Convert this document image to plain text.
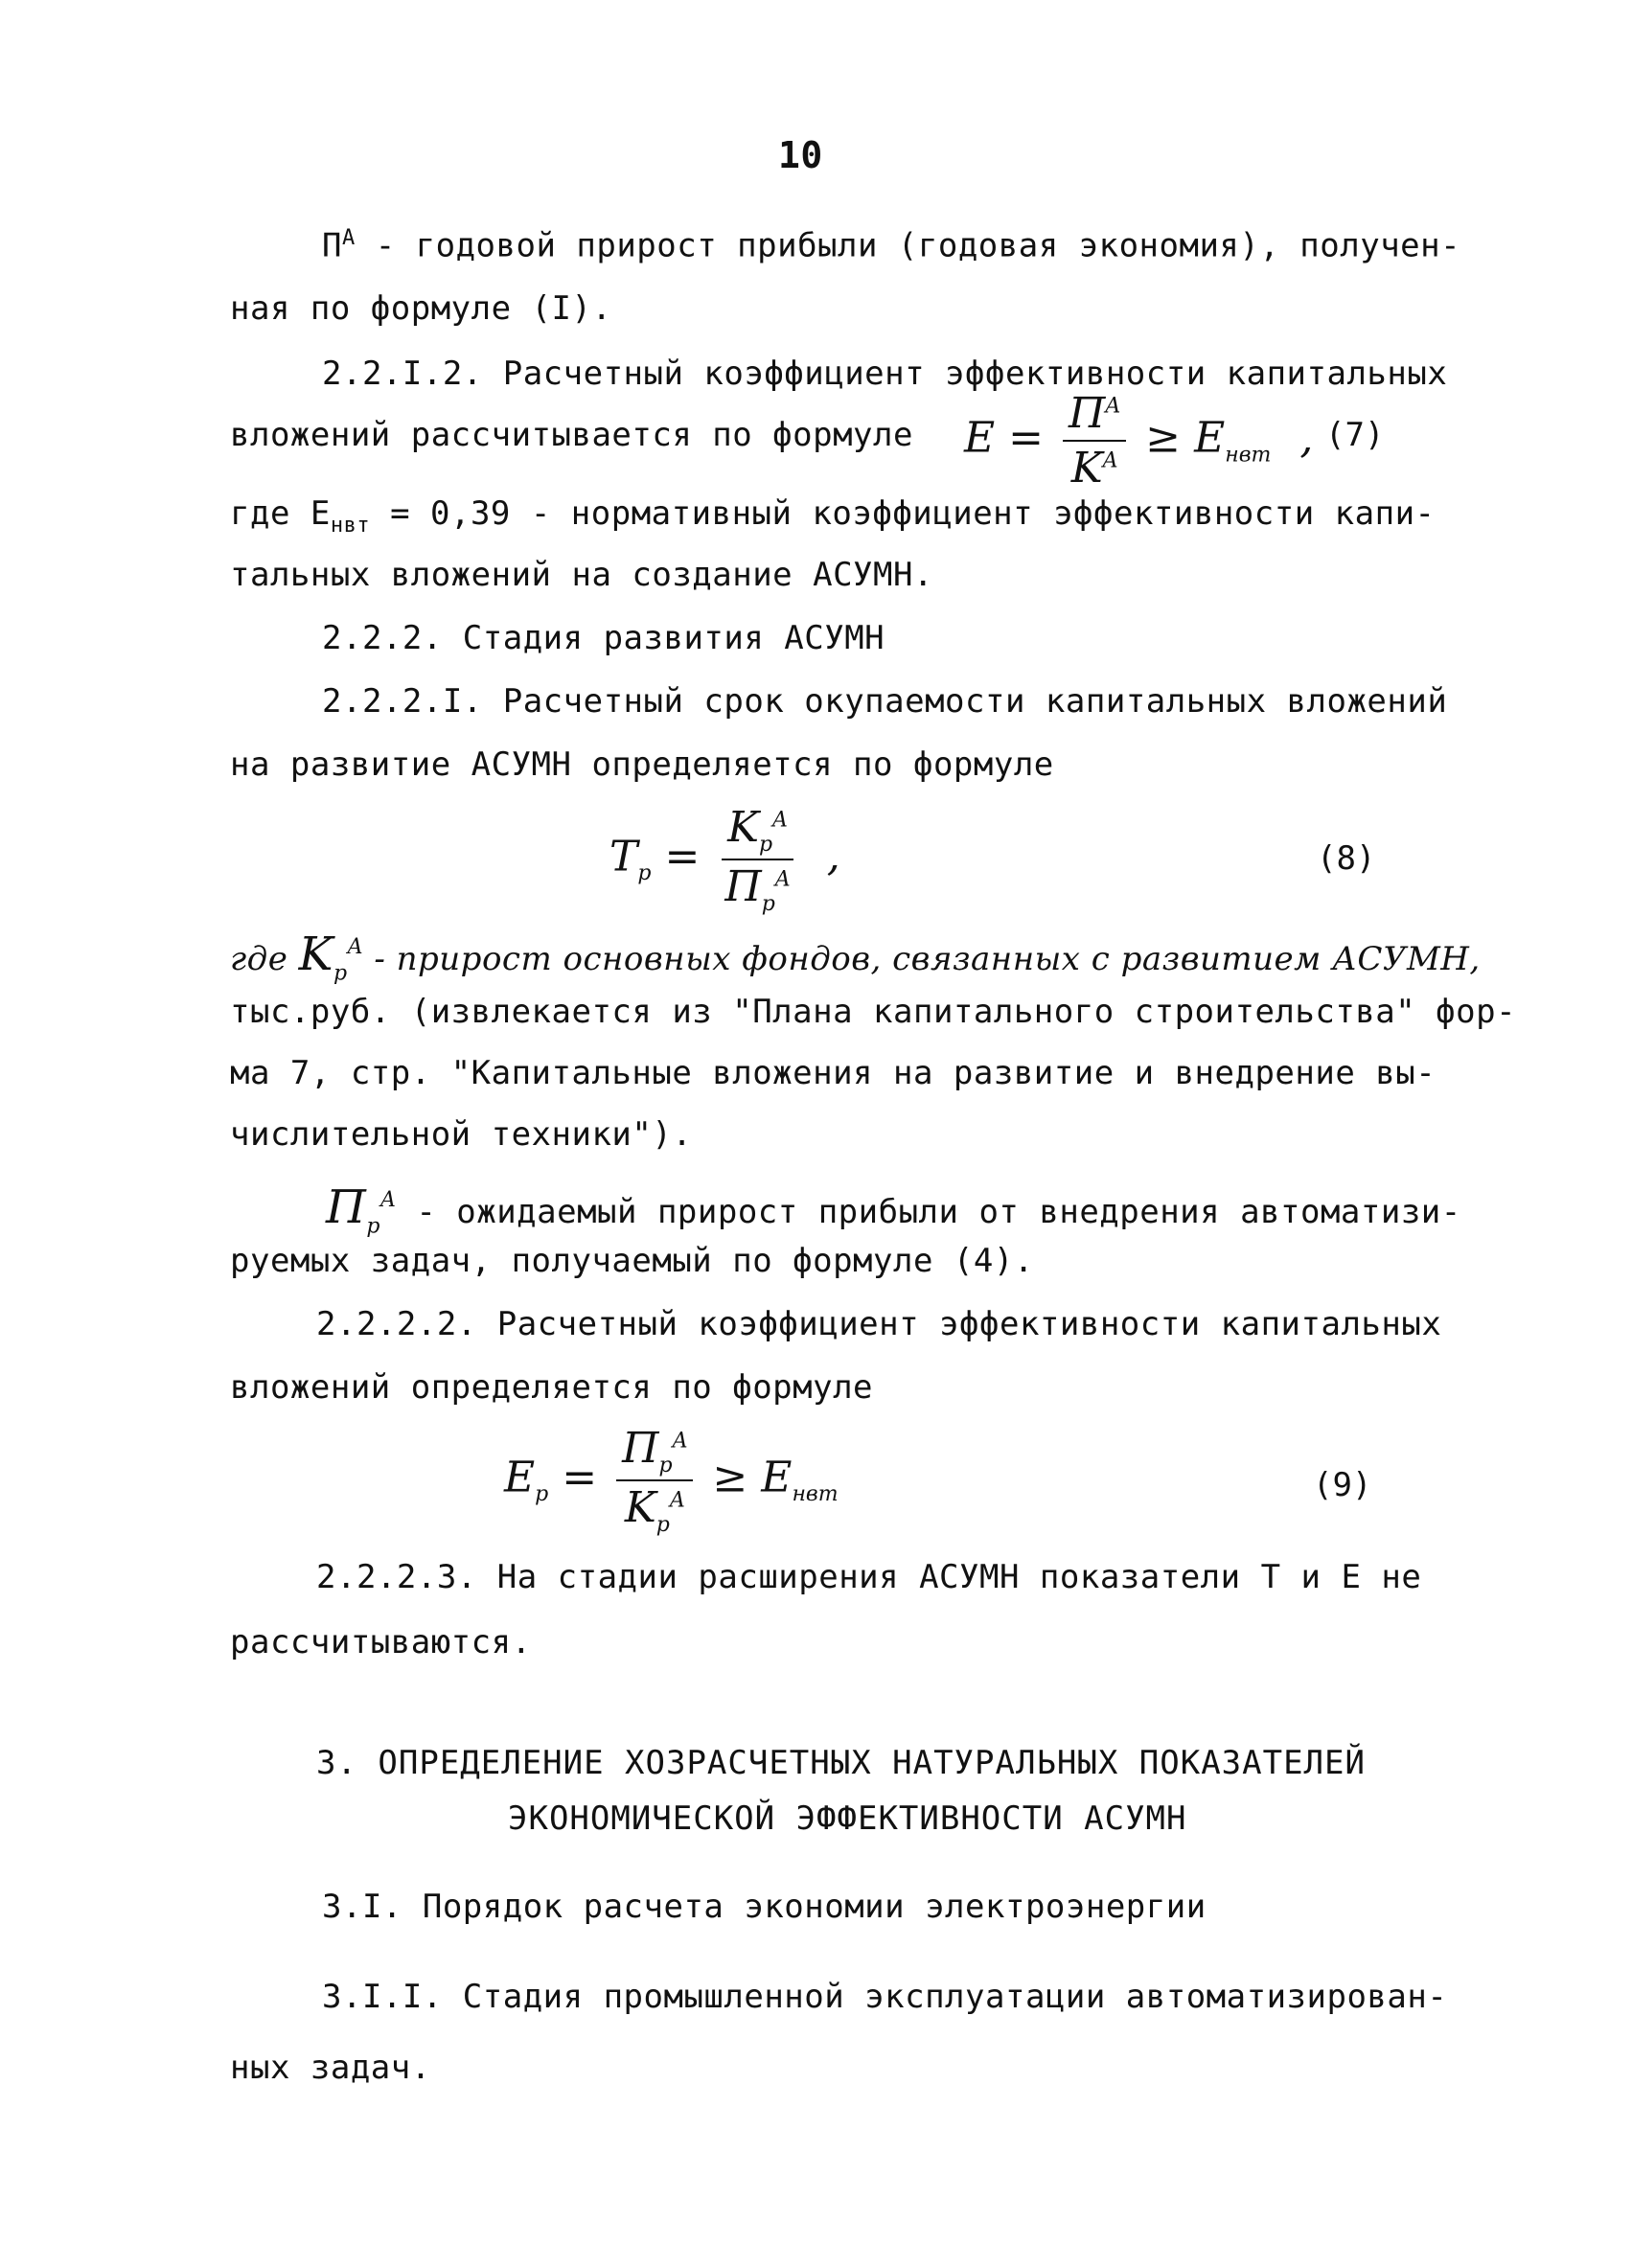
10
$П^А$ - годовой прирост прибыли (годовая экономия), получен-
ная по формуле (I).
2.2.I.2. Расчетный коэффициент эффективности капитальных
вложений рассчитывается по формуле $E = \frac{П^A}{K^A} \ge E_{нвт}$ , (7)
где $E_{нвт} = 0,39$ - нормативный коэффициент эффективности капи-
тальных вложений на создание АСУМН.
2.2.2. Стадия развития АСУМН
2.2.2.I. Расчетный срок окупаемости капитальных вложений
на развитие АСУМН определяется по формуле
$T_p = \frac{K_p^A}{П_p^A}$ ,	(8)
где $K_p^A$ - прирост основных фондов, связанных с развитием АСУМН,
тыс.руб. (извлекается из "Плана капитального строительства" фор-
ма 7, стр. "Капитальные вложения на развитие и внедрение вы-
числительной техники").
$П_p^A$ - ожидаемый прирост прибыли от внедрения автоматизи-
руемых задач, получаемый по формуле (4).
2.2.2.2. Расчетный коэффициент эффективности капитальных
вложений определяется по формуле
$E_p = \frac{П_p^A}{K_p^A} \ge E_{нвт}$	(9)
2.2.2.3. На стадии расширения АСУМН показатели Т и Е не
рассчитываются.
3. ОПРЕДЕЛЕНИЕ ХОЗРАСЧЕТНЫХ НАТУРАЛЬНЫХ ПОКАЗАТЕЛЕЙ
ЭКОНОМИЧЕСКОЙ ЭФФЕКТИВНОСТИ АСУМН
3.I. Порядок расчета экономии электроэнергии
3.I.I. Стадия промышленной эксплуатации автоматизирован-
ных задач.
